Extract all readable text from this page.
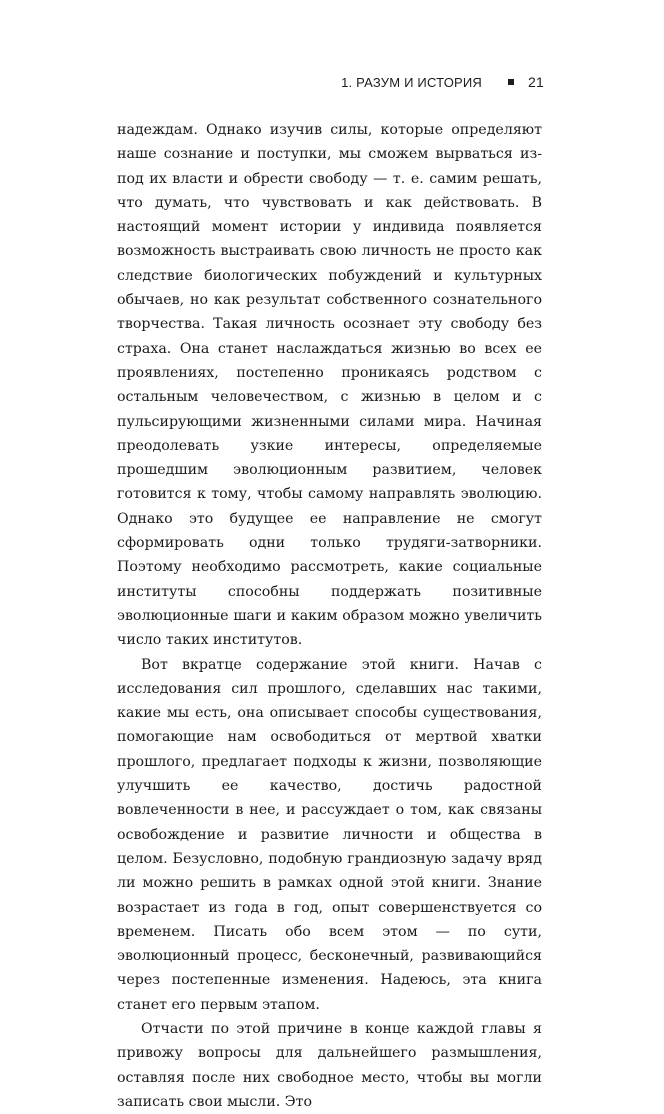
1. РАЗУМ И ИСТОРИЯ	21

надеждам. Однако изучив силы, которые определяют наше сознание и поступки, мы сможем вырваться из-под их власти и обрести свободу — т. е. самим решать, что думать, что чувствовать и как действовать. В настоящий момент истории у индивида появляется возможность выстраивать свою личность не просто как следствие биологических побуждений и культурных обычаев, но как результат собственного сознательного творчества. Такая личность осознает эту свободу без страха. Она станет наслаждаться жизнью во всех ее проявлениях, постепенно проникаясь родством с остальным человечеством, с жизнью в целом и с пульсирующими жизненными силами мира. Начиная преодолевать узкие интересы, определяемые прошедшим эволюционным развитием, человек готовится к тому, чтобы самому направлять эволюцию. Однако это будущее ее направление не смогут сформировать одни только трудяги-затворники. Поэтому необходимо рассмотреть, какие социальные институты способны поддержать позитивные эволюционные шаги и каким образом можно увеличить число таких институтов.

Вот вкратце содержание этой книги. Начав с исследования сил прошлого, сделавших нас такими, какие мы есть, она описывает способы существования, помогающие нам освободиться от мертвой хватки прошлого, предлагает подходы к жизни, позволяющие улучшить ее качество, достичь радостной вовлеченности в нее, и рассуждает о том, как связаны освобождение и развитие личности и общества в целом. Безусловно, подобную грандиозную задачу вряд ли можно решить в рамках одной этой книги. Знание возрастает из года в год, опыт совершенствуется со временем. Писать обо всем этом — по сути, эволюционный процесс, бесконечный, развивающийся через постепенные изменения. Надеюсь, эта книга станет его первым этапом.

Отчасти по этой причине в конце каждой главы я привожу вопросы для дальнейшего размышления, оставляя после них свободное место, чтобы вы могли записать свои мысли. Это
